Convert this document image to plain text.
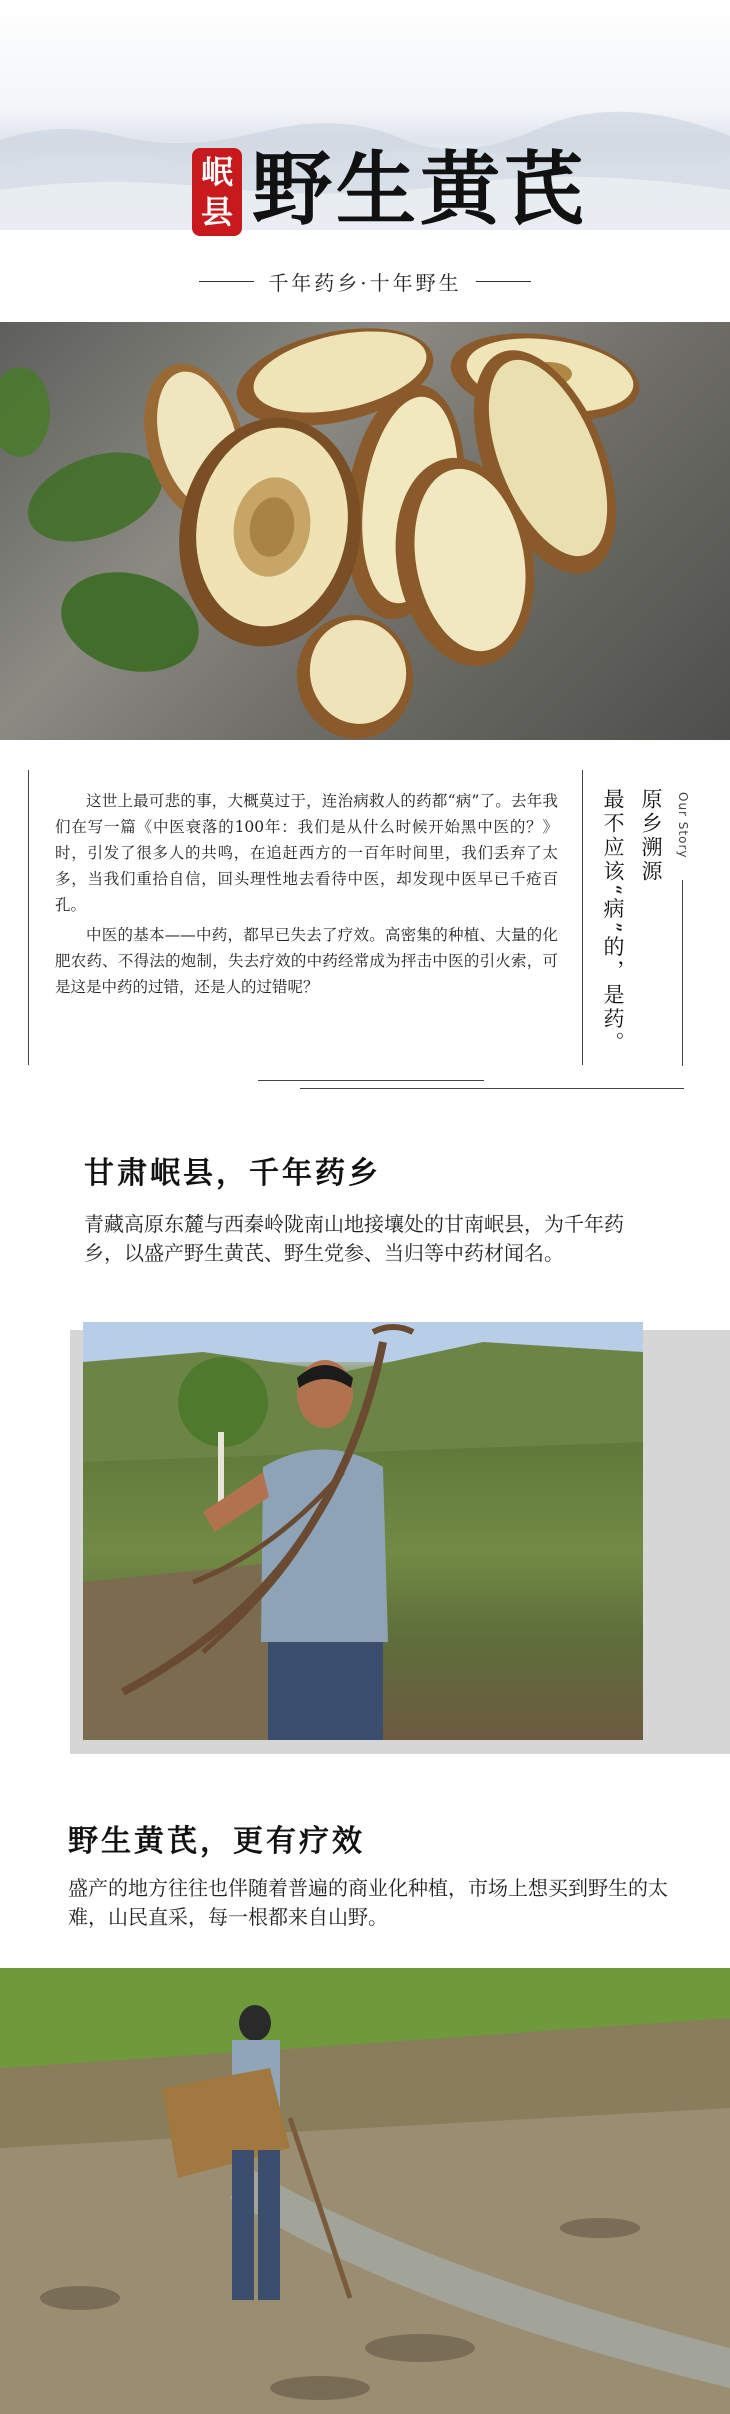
岷
县 野生黄芪
千年药乡·十年野生

这世上最可悲的事，大概莫过于，连治病救人的药都“病”了。去年我们在写一篇《中医衰落的100年：我们是从什么时候开始黑中医的？》时，引发了很多人的共鸣，在追赶西方的一百年时间里，我们丢弃了太多，当我们重拾自信，回头理性地去看待中医，却发现中医早已千疮百孔。

中医的基本——中药，都早已失去了疗效。高密集的种植、大量的化肥农药、不得法的炮制，失去疗效的中药经常成为抨击中医的引火索，可是这是中药的过错，还是人的过错呢？	最不应该“病”的，是药。 原乡溯源 Our Story
甘肃岷县，千年药乡
青藏高原东麓与西秦岭陇南山地接壤处的甘南岷县，为千年药乡，以盛产野生黄芪、野生党参、当归等中药材闻名。
野生黄芪，更有疗效
盛产的地方往往也伴随着普遍的商业化种植，市场上想买到野生的太难，山民直采，每一根都来自山野。
